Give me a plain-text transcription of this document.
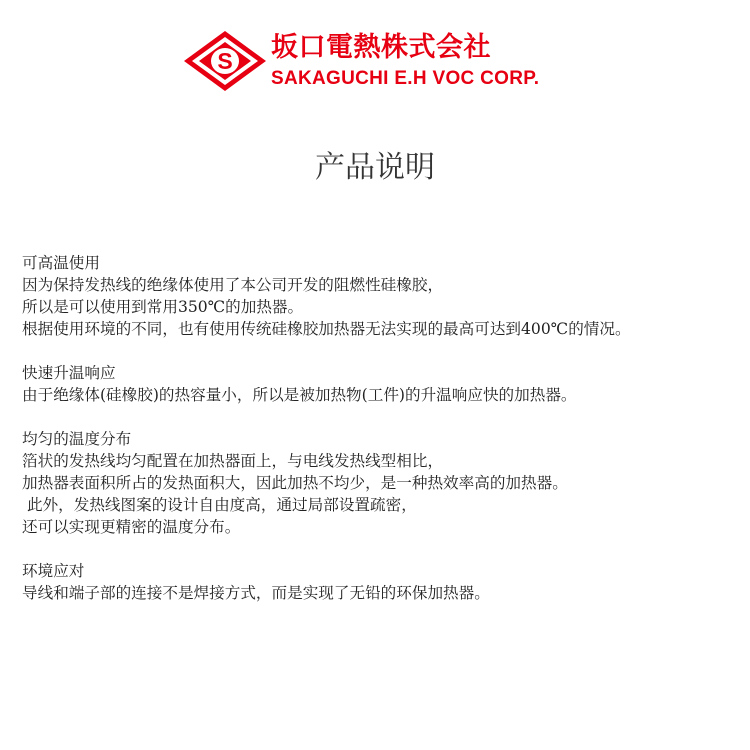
S 坂口電熱株式会社
SAKAGUCHI E.H VOC CORP.
产品说明
可高温使用

因为保持发热线的绝缘体使用了本公司开发的阻燃性硅橡胶，

所以是可以使用到常用350℃的加热器。

根据使用环境的不同，也有使用传统硅橡胶加热器无法实现的最高可达到400℃的情况。

快速升温响应

由于绝缘体(硅橡胶)的热容量小，所以是被加热物(工件)的升温响应快的加热器。

均匀的温度分布

箔状的发热线均匀配置在加热器面上，与电线发热线型相比，

加热器表面积所占的发热面积大，因此加热不均少，是一种热效率高的加热器。

此外，发热线图案的设计自由度高，通过局部设置疏密，

还可以实现更精密的温度分布。

环境应对

导线和端子部的连接不是焊接方式，而是实现了无铅的环保加热器。
